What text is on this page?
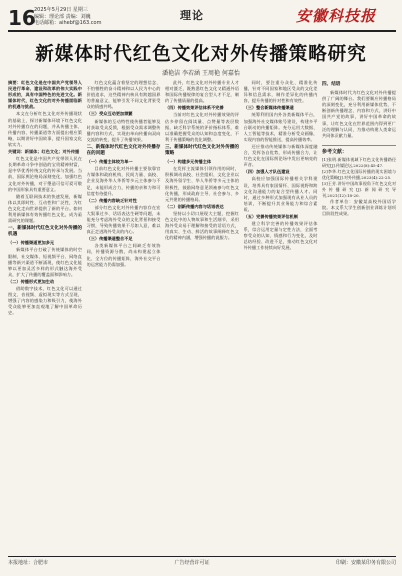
16
2025年5月29日 星期三
编辑：理论部 责编：刘巍
电话邮箱：aihebf@163.com
理论	安徽科技报
新媒体时代红色文化对外传播策略研究
潘艳洁 李若涵 王周艳 何嘉怡

摘要：红色文化是在中国共产党领导人民进行革命、建设和改革的伟大实践中形成的，具有中国特色的先进文化。新媒体时代，红色文化的对外传播面临新的机遇与挑战。

本文在分析红色文化对外传播现状的基础上，探讨新媒体环境下红色文化对外传播存在的问题，并从传播主体、传播内容、传播渠道等方面提出相应策略，以期讲好中国故事，提升国家文化软实力。

关键词：新媒体；红色文化；对外传播

红色文化是中国共产党带领人民在长期革命斗争中创造的宝贵精神财富，是中华优秀传统文化的传承与发展。当前，国际舆论格局深刻变化，加强红色文化对外传播，对于塑造可信可爱可敬的中国形象具有重要意义。

随着互联网技术的快速发展，新媒体以其即时性、互动性和广泛性，为红色文化走向世界提供了新的平台。如何利用新媒体有效传播红色文化，成为亟需研究的课题。

一、新媒体时代红色文化对外传播的机遇

（一）传播渠道更加多元

新媒体平台打破了传统媒体的时空限制，社交媒体、短视频平台、网络直播等新兴渠道不断涌现，使红色文化能够以更加灵活多样的形式触达海外受众，扩大了传播的覆盖面和影响力。

（二）传播形式更加生动

借助数字技术，红色文化可以通过图文、音视频、虚拟现实等方式呈现，增强了内容的感染力和吸引力，使海外受众能够更加直观地了解中国革命历史。

红色文化蕴含着坚定的理想信念、不怕牺牲的奋斗精神和以人民为中心的价值追求，这些精神内核具有跨越国界的普遍意义，能够引发不同文化背景受众的情感共鸣。

（三）受众互动更加频繁

新媒体的互动特性使传播者能够及时获取受众反馈，根据受众需求调整传播内容和方式，实现由单向传播向双向交流的转变，提升了传播效果。

二、新媒体时代红色文化对外传播存在的问题

（一）传播主体较为单一

目前红色文化对外传播主要依靠官方媒体和政府机构，民间力量、高校、企业及海外华人华侨等多元主体参与不足，未能形成合力，传播的亲和力和可信度有待提升。

（二）传播内容缺乏针对性

部分红色文化对外传播内容存在宏大叙事过多、话语表达生硬等问题，未能充分考虑海外受众的文化背景和接受习惯，导致传播效果不尽如人意，难以真正走进海外受众的内心。

（三）传播渠道整合不足

各类新媒体平台之间缺乏有效协同，传播资源分散，尚未构建起立体化、全方位的传播矩阵，海外社交平台的运营能力仍需加强。

此外，红色文化对外传播专业人才相对匮乏，既熟悉红色文化又精通外语和国际传播规律的复合型人才不足，制约了传播质量的提高。

（四）传播效果评估体系不完善

当前对红色文化对外传播效果的评估多停留在阅读量、点赞量等表层数据，缺乏科学系统的评价指标体系，难以准确把握受众的认知和态度变化，不利于传播策略的优化调整。

三、新媒体时代红色文化对外传播的策略

（一）构建多元传播主体

在发挥主流媒体引领作用的同时，积极调动高校、社会组织、文化企业以及海外留学生、华人华侨等多元主体的积极性，鼓励网络意见领袖参与红色文化传播，形成政府主导、社会参与、多元共建的传播格局。

（二）创新传播内容与话语表达

坚持以小切口展现大主题，挖掘红色文化中的人物故事和生活细节，采用海外受众易于理解和接受的话语方式，用真实、生动、鲜活的故事阐释红色文化的精神内涵，增强传播的说服力。

同时，要注重分众化、精准化传播，针对不同国家和地区受众的文化差异和信息需求，制作差异化的传播内容，提升传播的针对性和有效性。

（三）整合新媒体传播渠道

统筹利用国内外各类新媒体平台，加强海外社交媒体账号建设，构建多平台联动的传播矩阵。充分运用大数据、人工智能等技术，精准分析受众画像，实现内容的智能推送，提高传播效率。

还应推动传统媒体与新媒体深度融合，发挥各自优势，形成传播合力，让红色文化在国际舆论场中发出更响亮的声音。

（四）加强人才队伍建设

高校应加强国际传播相关学科建设，培养具有家国情怀、国际视野和跨文化沟通能力的复合型传播人才。同时，通过多种形式加强现有从业人员的培训，不断提升其业务能力和综合素质。

（五）完善传播效果评估机制

建立科学完善的传播效果评估体系，综合运用定量与定性方法，全面考察受众的认知、情感和行为变化，及时总结经验、改进不足，推动红色文化对外传播工作持续向好发展。

四、结语

新媒体时代为红色文化对外传播提供了广阔的舞台。我们要顺应传播格局的深刻变化，充分利用新媒体优势，不断创新传播理念、内容和方式，讲好中国共产党的故事，讲好中国革命的故事，让红色文化在世界范围内得到更广泛的理解与认同，为推动构建人类命运共同体贡献力量。

参考文献：

[1]张明.新媒体视域下红色文化传播路径研究[J].传媒论坛,2022(8):45-47.

[2]李华.红色文化国际传播的现实困境与优化策略[J].对外传播,2023(4):22-25.

[3]王芳.讲好中国故事视角下红色文化对外传播研究[J].新闻研究导刊,2021(12):18-20.

作者单位：安徽某高校外国语学院。本文系大学生创新创业训练计划项目阶段性成果。

本报地址：合肥市	广告经营许可证	印刷：安徽某印务有限公司
